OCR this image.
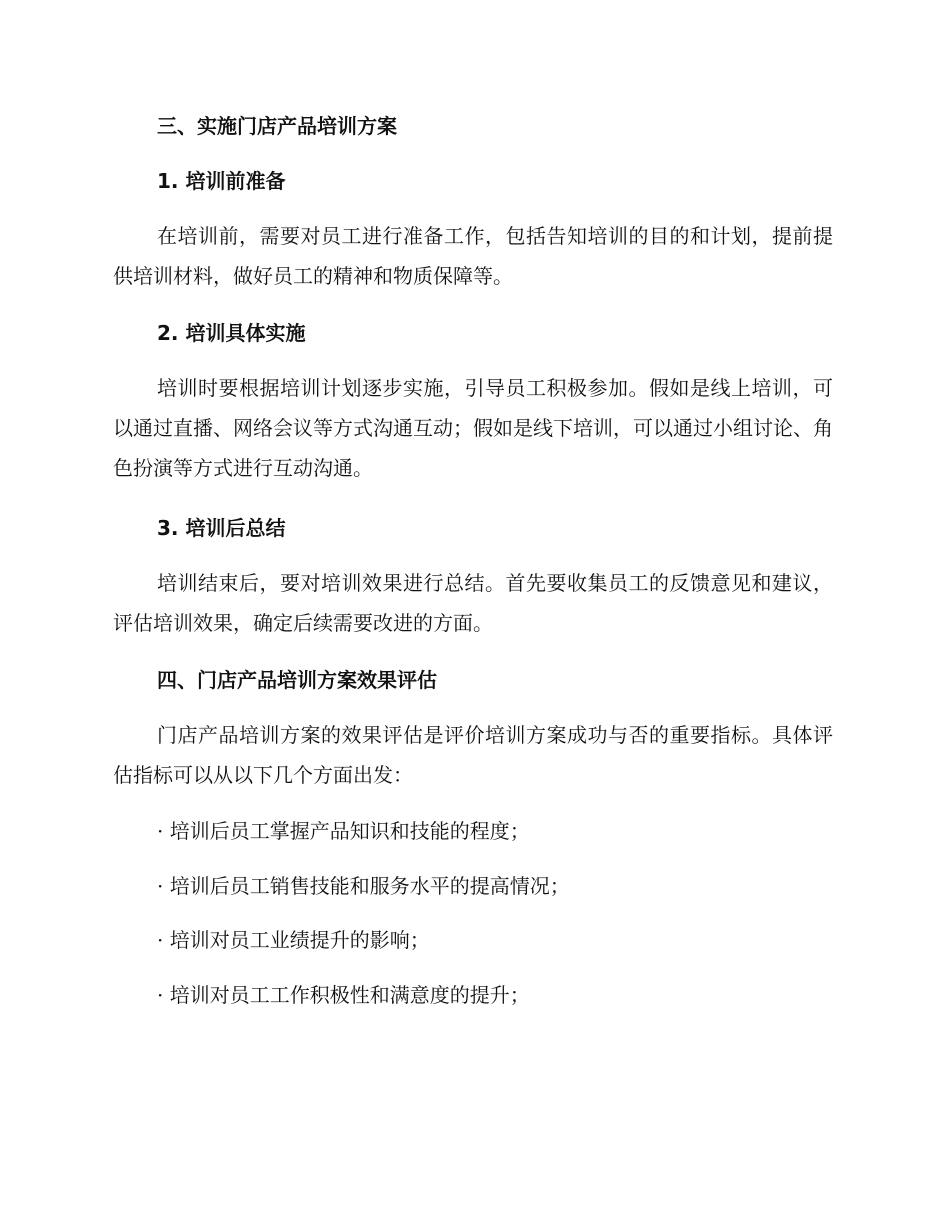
三、实施门店产品培训方案
1. 培训前准备

在培训前，需要对员工进行准备工作，包括告知培训的目的和计划，提前提供培训材料，做好员工的精神和物质保障等。

2. 培训具体实施

培训时要根据培训计划逐步实施，引导员工积极参加。假如是线上培训，可以通过直播、网络会议等方式沟通互动；假如是线下培训，可以通过小组讨论、角色扮演等方式进行互动沟通。

3. 培训后总结

培训结束后，要对培训效果进行总结。首先要收集员工的反馈意见和建议，评估培训效果，确定后续需要改进的方面。

四、门店产品培训方案效果评估

门店产品培训方案的效果评估是评价培训方案成功与否的重要指标。具体评估指标可以从以下几个方面出发：

· 培训后员工掌握产品知识和技能的程度；
· 培训后员工销售技能和服务水平的提高情况；
· 培训对员工业绩提升的影响；
· 培训对员工工作积极性和满意度的提升；
